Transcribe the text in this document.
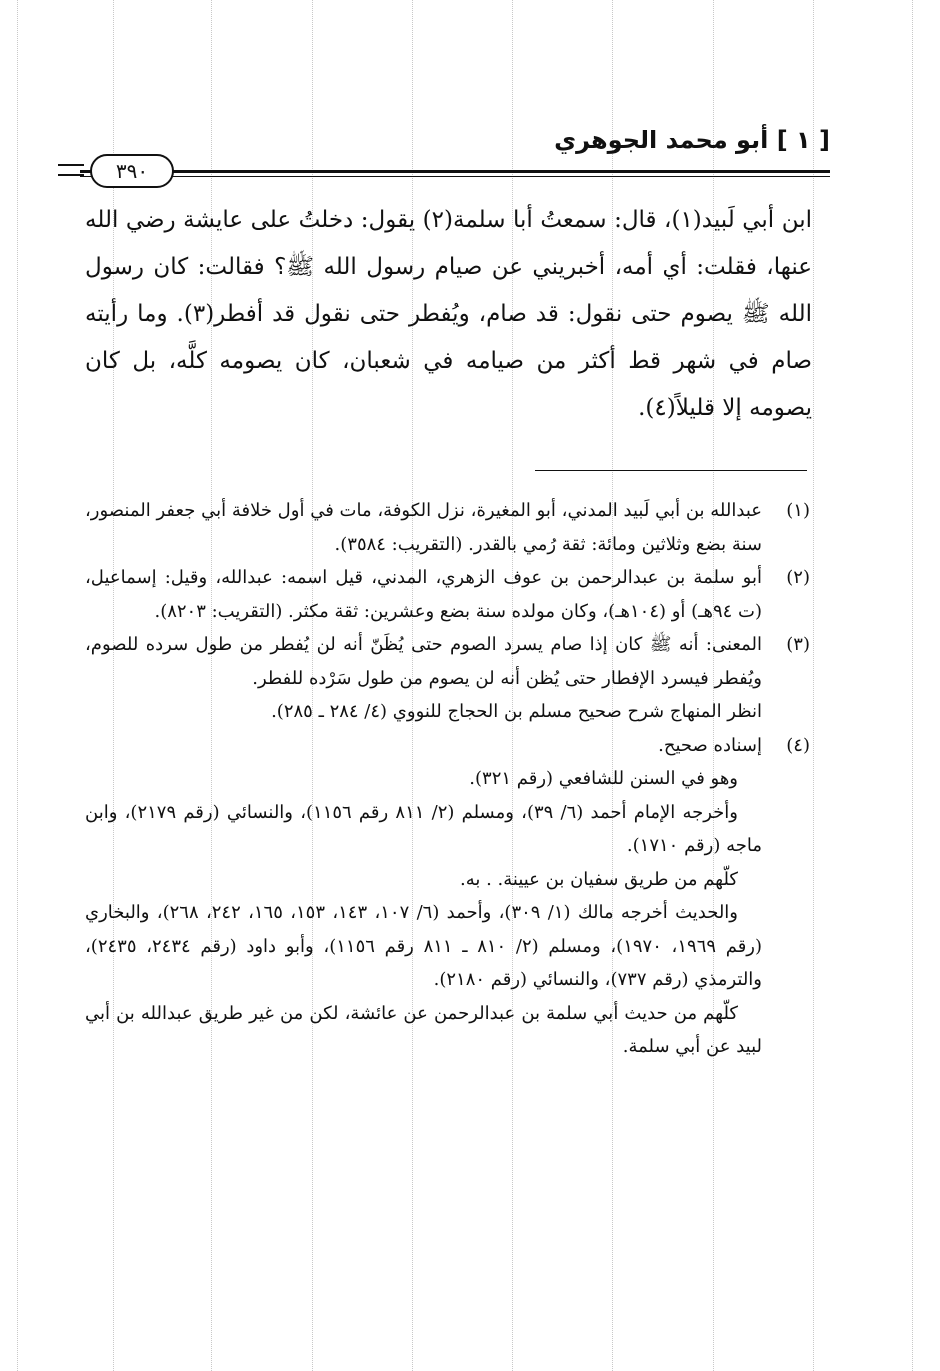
[ ١ ] أبو محمد الجوهري
٣٩٠

ابن أبي لَبيد(١)، قال: سمعتُ أبا سلمة(٢) يقول: دخلتُ على عايشة رضي الله عنها، فقلت: أي أمه، أخبريني عن صيام رسول الله ﷺ؟ فقالت: كان رسول الله ﷺ يصوم حتى نقول: قد صام، ويُفطر حتى نقول قد أفطر(٣). وما رأيته صام في شهر قط أكثر من صيامه في شعبان، كان يصومه كلَّه، بل كان يصومه إلا قليلاً(٤).

(١)

عبدالله بن أبي لَبيد المدني، أبو المغيرة، نزل الكوفة، مات في أول خلافة أبي جعفر المنصور، سنة بضع وثلاثين ومائة: ثقة رُمي بالقدر. (التقريب: ٣٥٨٤).

(٢)

أبو سلمة بن عبدالرحمن بن عوف الزهري، المدني، قيل اسمه: عبدالله، وقيل: إسماعيل، (ت ٩٤هـ) أو (١٠٤هـ)، وكان مولده سنة بضع وعشرين: ثقة مكثر. (التقريب: ٨٢٠٣).

(٣)

المعنى: أنه ﷺ كان إذا صام يسرد الصوم حتى يُظَنّ أنه لن يُفطر من طول سرده للصوم، ويُفطر فيسرد الإفطار حتى يُظن أنه لن يصوم من طول سَرْده للفطر.

انظر المنهاج شرح صحيح مسلم بن الحجاج للنووي (٤/ ٢٨٤ ـ ٢٨٥).

(٤)

إسناده صحيح.

وهو في السنن للشافعي (رقم ٣٢١).

وأخرجه الإمام أحمد (٦/ ٣٩)، ومسلم (٢/ ٨١١ رقم ١١٥٦)، والنسائي (رقم ٢١٧٩)، وابن ماجه (رقم ١٧١٠).

كلّهم من طريق سفيان بن عيينة. . به.

والحديث أخرجه مالك (١/ ٣٠٩)، وأحمد (٦/ ١٠٧، ١٤٣، ١٥٣، ١٦٥، ٢٤٢، ٢٦٨)، والبخاري (رقم ١٩٦٩، ١٩٧٠)، ومسلم (٢/ ٨١٠ ـ ٨١١ رقم ١١٥٦)، وأبو داود (رقم ٢٤٣٤، ٢٤٣٥)، والترمذي (رقم ٧٣٧)، والنسائي (رقم ٢١٨٠).

كلّهم من حديث أبي سلمة بن عبدالرحمن عن عائشة، لكن من غير طريق عبدالله بن أبي لبيد عن أبي سلمة.
